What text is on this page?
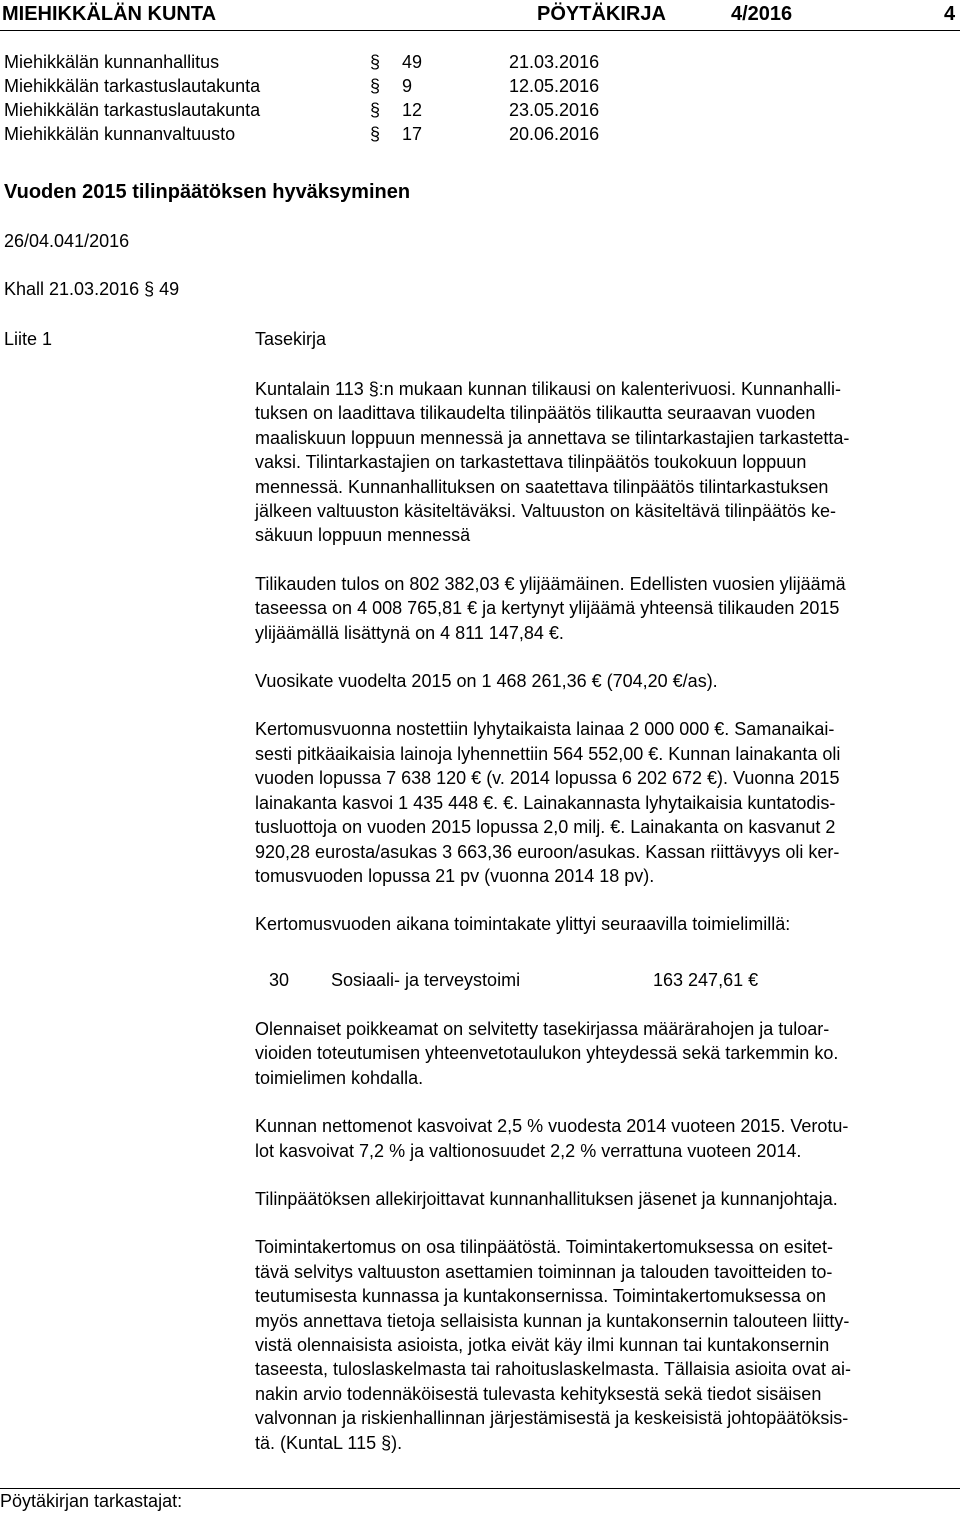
MIEHIKKÄLÄN KUNTA	PÖYTÄKIRJA	4/2016	4
Miehikkälän kunnanhallitus	§ 49	21.03.2016
Miehikkälän tarkastuslautakunta	§ 9	12.05.2016
Miehikkälän tarkastuslautakunta	§ 12	23.05.2016
Miehikkälän kunnanvaltuusto	§ 17	20.06.2016
Vuoden 2015 tilinpäätöksen hyväksyminen
26/04.041/2016
Khall 21.03.2016 § 49
Liite 1	Tasekirja

Kuntalain 113 §:n mukaan kunnan tilikausi on kalenterivuosi. Kunnanhalli-
tuksen on laadittava tilikaudelta tilinpäätös tilikautta seuraavan vuoden
maaliskuun loppuun mennessä ja annettava se tilintarkastajien tarkastetta-
vaksi. Tilintarkastajien on tarkastettava tilinpäätös toukokuun loppuun
mennessä. Kunnanhallituksen on saatettava tilinpäätös tilintarkastuksen
jälkeen valtuuston käsiteltäväksi. Valtuuston on käsiteltävä tilinpäätös ke-
säkuun loppuun mennessä

Tilikauden tulos on 802 382,03 € ylijäämäinen. Edellisten vuosien ylijäämä
taseessa on 4 008 765,81 € ja kertynyt ylijäämä yhteensä tilikauden 2015
ylijäämällä lisättynä on 4 811 147,84 €.

Vuosikate vuodelta 2015 on 1 468 261,36 € (704,20 €/as).

Kertomusvuonna nostettiin lyhytaikaista lainaa 2 000 000 €. Samanaikai-
sesti pitkäaikaisia lainoja lyhennettiin 564 552,00 €. Kunnan lainakanta oli
vuoden lopussa 7 638 120 € (v. 2014 lopussa 6 202 672 €). Vuonna 2015
lainakanta kasvoi 1 435 448 €. €. Lainakannasta lyhytaikaisia kuntatodis-
tusluottoja on vuoden 2015 lopussa 2,0 milj. €. Lainakanta on kasvanut 2
920,28 eurosta/asukas 3 663,36 euroon/asukas. Kassan riittävyys oli ker-
tomusvuoden lopussa 21 pv (vuonna 2014 18 pv).

Kertomusvuoden aikana toimintakate ylittyi seuraavilla toimielimillä:

30 Sosiaali- ja terveystoimi	163 247,61 €

Olennaiset poikkeamat on selvitetty tasekirjassa määrärahojen ja tuloar-
vioiden toteutumisen yhteenvetotaulukon yhteydessä sekä tarkemmin ko.
toimielimen kohdalla.

Kunnan nettomenot kasvoivat 2,5 % vuodesta 2014 vuoteen 2015. Verotu-
lot kasvoivat 7,2 % ja valtionosuudet 2,2 % verrattuna vuoteen 2014.

Tilinpäätöksen allekirjoittavat kunnanhallituksen jäsenet ja kunnanjohtaja.

Toimintakertomus on osa tilinpäätöstä. Toimintakertomuksessa on esitet-
tävä selvitys valtuuston asettamien toiminnan ja talouden tavoitteiden to-
teutumisesta kunnassa ja kuntakonsernissa. Toimintakertomuksessa on
myös annettava tietoja sellaisista kunnan ja kuntakonsernin talouteen liitty-
vistä olennaisista asioista, jotka eivät käy ilmi kunnan tai kuntakonsernin
taseesta, tuloslaskelmasta tai rahoituslaskelmasta. Tällaisia asioita ovat ai-
nakin arvio todennäköisestä tulevasta kehityksestä sekä tiedot sisäisen
valvonnan ja riskienhallinnan järjestämisestä ja keskeisistä johtopäätöksis-
tä. (KuntaL 115 §).

Pöytäkirjan tarkastajat:
